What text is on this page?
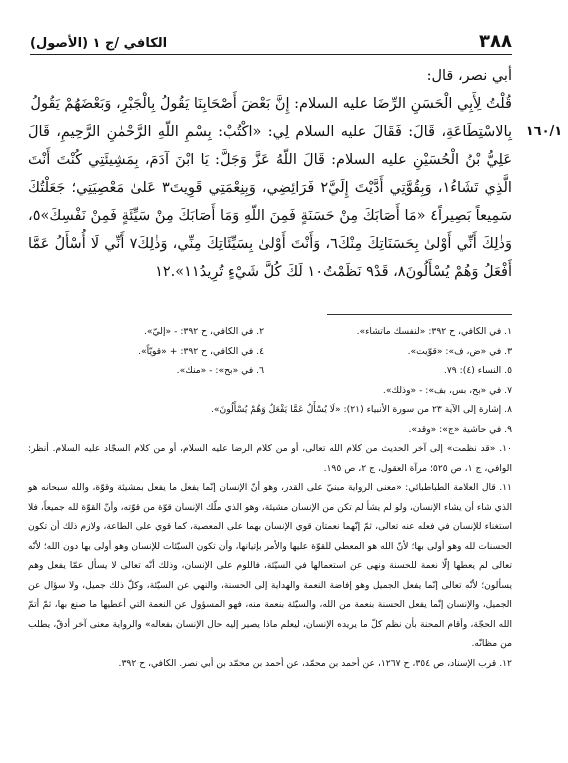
٣٨٨
الكافي /ج ١ (الأصول)

أبي نصر، قال:

قُلْتُ لِأَبِي الْحَسَنِ الرِّضَا عليه السلام: إِنَّ بَعْضَ أَصْحَابِنَا يَقُولُ بِالْجَبْرِ، وَبَعْضَهُمْ يَقُولُ

١٦٠/١

بِالاسْتِطَاعَةِ، قَالَ: فَقَالَ عليه السلام لِي: «اكْتُبْ: بِسْمِ اللّهِ الرَّحْمٰنِ الرَّحِيمِ، قَالَ عَلِيُّ بْنُ الْحُسَيْنِ عليه السلام: قَالَ اللّهُ عَزَّ وَجَلَّ: يَا ابْنَ آدَمَ، بِمَشِيئَتِي كُنْتَ أَنْتَ الَّذِي تَشَاءُ١، وَبِقُوَّتِي أَدَّيْتَ إِلَيَّ٢ فَرَائِضِي، وَبِنِعْمَتِي قَوِيتَ٣ عَلىٰ مَعْصِيَتِي؛ جَعَلْتُكَ سَمِيعاً بَصِيراً٤ «مَا أَصَابَكَ مِنْ حَسَنَةٍ فَمِنَ اللّهِ وَمَا أَصَابَكَ مِنْ سَيِّئَةٍ فَمِنْ نَفْسِكَ»٥، وَذٰلِكَ أَنِّي أَوْلىٰ بِحَسَنَاتِكَ مِنْكَ٦، وَأَنْتَ أَوْلىٰ بِسَيِّئَاتِكَ مِنِّي، وَذٰلِكَ٧ أَنِّي لَا أُسْأَلُ عَمَّا أَفْعَلُ وَهُمْ يُسْأَلُونَ٨، قَدْ٩ نَظَمْتُ١٠ لَكَ كُلَّ شَيْءٍ تُرِيدُ١١».١٢

١. في الكافي، ح ٣٩٢: «لنفسك ماتشاء».
٢. في الكافي، ح ٣٩٢: - «إليّ».
٣. في «ض، ف»: «قوّيت».
٤. في الكافي، ح ٣٩٢: + «قويّاً».
٥. النساء (٤): ٧٩.
٦. في «بح»: - «منك».

٧. في «بح، بس، بف»: - «وذلك».

٨. إشارة إلى الآية ٢٣ من سورة الأنبياء (٢١): «لَا يُسْأَلُ عَمَّا يَفْعَلُ وَهُمْ يُسْأَلُونَ».

٩. في حاشية «ج»: «وقد».

١٠. «قد نظمت» إلى آخر الحديث من كلام الله تعالى، أو من كلام الرضا عليه السلام، أو من كلام السجّاد عليه السلام. أنظر: الوافي، ج ١، ص ٥٢٥؛ مرآة العقول، ج ٢، ص ١٩٥.

١١. قال العلامة الطباطبائي: «معنى الرواية مبنيّ على القدر، وهو أنّ الإنسان إنّما يفعل ما يفعل بمشيئة وقوّة، والله سبحانه هو الذي شاء أن يشاء الإنسان، ولو لم يشأ لم تكن من الإنسان مشيئة، وهو الذي ملّك الإنسان قوّة من قوّته، وأنّ القوّة لله جميعاً، فلا استغناء للإنسان في فعله عنه تعالى، ثمّ إنّهما نعمتان قوي الإنسان بهما على المعصية، كما قوي على الطاعة، ولازم ذلك أن تكون الحسنات لله وهو أولى بها؛ لأنّ الله هو المعطي للقوّة عليها والأمر بإتيانها، وأن تكون السيّئات للإنسان وهو أولى بها دون الله؛ لأنّه تعالى لم يعطها إلّا نعمة للحسنة ونهى عن استعمالها في السيّئة، فاللوم على الإنسان، وذلك أنّه تعالى لا يسأل عمّا يفعل وهم يسألون؛ لأنّه تعالى إنّما يفعل الجميل وهو إفاضة النعمة والهداية إلى الحسنة، والنهي عن السيّئة، وكلّ ذلك جميل، ولا سؤال عن الجميل، والإنسان إنّما يفعل الحسنة بنعمة من الله، والسيّئة بنعمة منه، فهو المسؤول عن النعمة التي أعطيها ما صنع بها، ثمّ أتمّ الله الحجّة، وأقام المحنة بأن نظم كلّ ما يريده الإنسان، ليعلم ماذا يصير إليه حال الإنسان بفعاله» والرواية معنى آخر أدقّ، يطلب من مظانّه.

١٢. قرب الإسناد، ص ٣٥٤، ح ١٢٦٧، عن أحمد بن محمّد، عن أحمد بن محمّد بن أبي نصر. الكافي، ح ٣٩٢.
